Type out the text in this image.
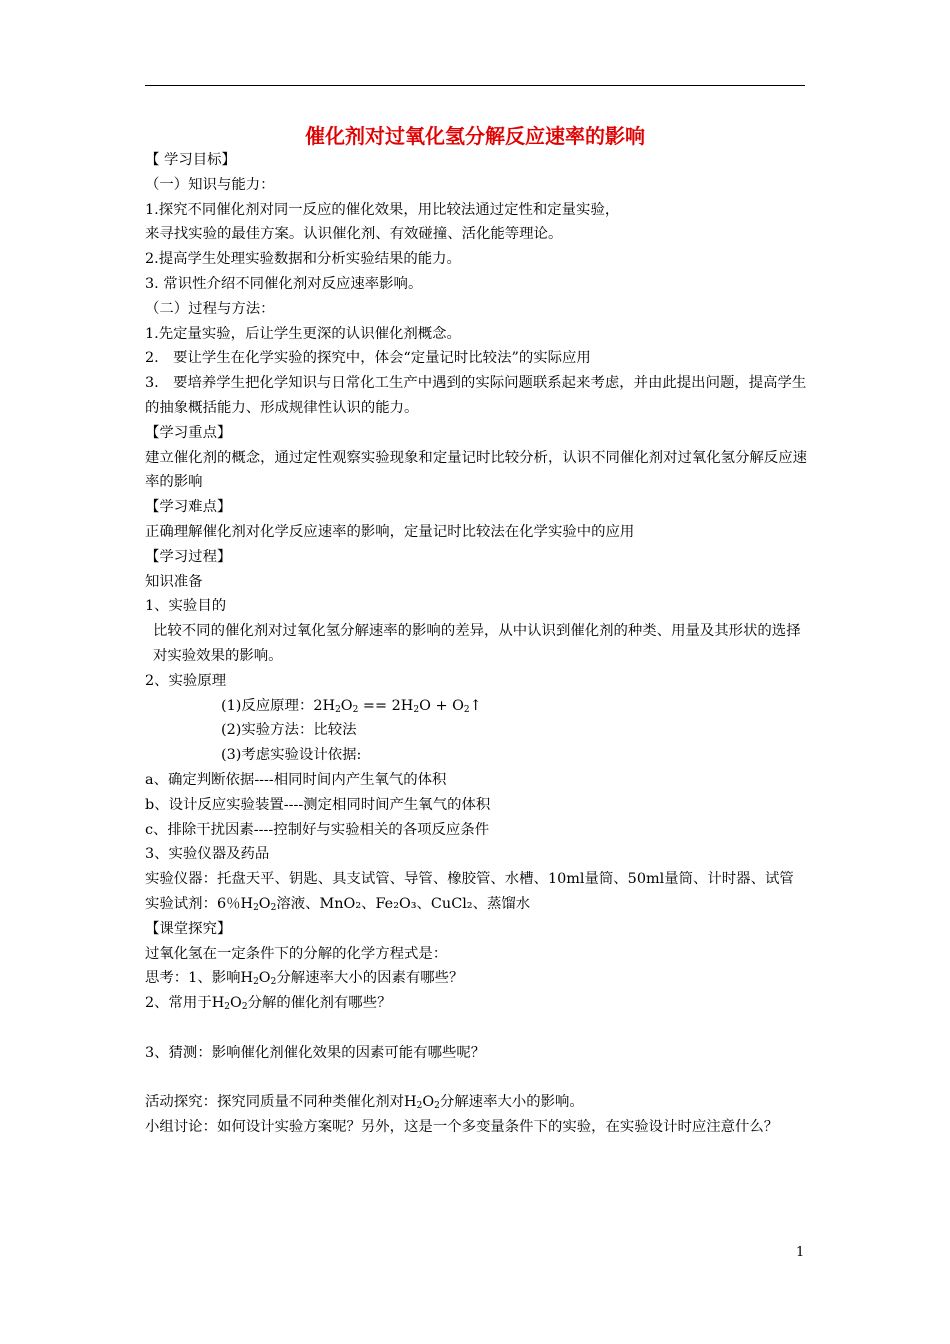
催化剂对过氧化氢分解反应速率的影响

【 学习目标】

（一）知识与能力：

1.探究不同催化剂对同一反应的催化效果，用比较法通过定性和定量实验，

来寻找实验的最佳方案。认识催化剂、有效碰撞、活化能等理论。

2.提高学生处理实验数据和分析实验结果的能力。

3. 常识性介绍不同催化剂对反应速率影响。

（二）过程与方法：

1.先定量实验，后让学生更深的认识催化剂概念。

2.　要让学生在化学实验的探究中，体会“定量记时比较法”的实际应用

3.　要培养学生把化学知识与日常化工生产中遇到的实际问题联系起来考虑，并由此提出问题，提高学生的抽象概括能力、形成规律性认识的能力。

【学习重点】

建立催化剂的概念，通过定性观察实验现象和定量记时比较分析，认识不同催化剂对过氧化氢分解反应速率的影响

【学习难点】

正确理解催化剂对化学反应速率的影响，定量记时比较法在化学实验中的应用

【学习过程】

知识准备

1、实验目的

比较不同的催化剂对过氧化氢分解速率的影响的差异，从中认识到催化剂的种类、用量及其形状的选择对实验效果的影响。

2、实验原理

(1)反应原理：$2H_2O_2 == 2H_2O$ + $O_2↑$

(2)实验方法：比较法

(3)考虑实验设计依据:

a、确定判断依据----相同时间内产生氧气的体积

b、设计反应实验装置----测定相同时间产生氧气的体积

c、排除干扰因素----控制好与实验相关的各项反应条件

3、实验仪器及药品

实验仪器：托盘天平、钥匙、具支试管、导管、橡胶管、水槽、10ml量筒、50ml量筒、计时器、试管

实验试剂：6％$H_2O_2$溶液、MnO₂、Fe₂O₃、CuCl₂、蒸馏水

【课堂探究】

过氧化氢在一定条件下的分解的化学方程式是：

思考：1、影响$H_2O_2$分解速率大小的因素有哪些？

2、常用于$H_2O_2$分解的催化剂有哪些？

3、猜测：影响催化剂催化效果的因素可能有哪些呢？

活动探究：探究同质量不同种类催化剂对$H_2O_2$分解速率大小的影响。

小组讨论：如何设计实验方案呢？另外，这是一个多变量条件下的实验，在实验设计时应注意什么？

1
